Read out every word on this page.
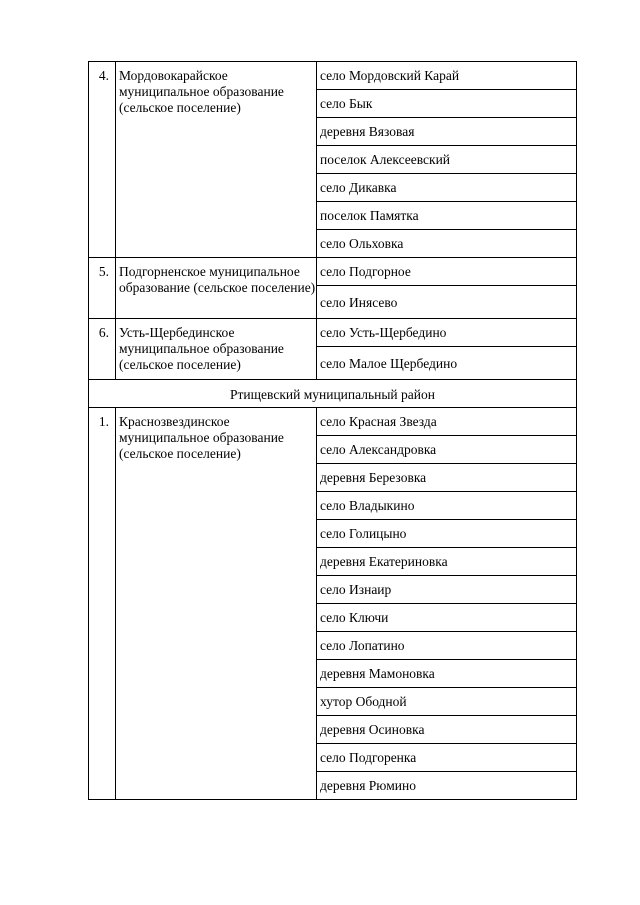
4.	Мордовокарайское муниципальное образование (сельское поселение)	село Мордовский Карай
		село Бык
		деревня Вязовая
		поселок Алексеевский
		село Дикавка
		поселок Памятка
		село Ольховка
5.	Подгорненское муниципальное образование (сельское поселение)	село Подгорное
		село Инясево
6.	Усть-Щербединское муниципальное образование (сельское поселение)	село Усть-Щербедино
		село Малое Щербедино
Ртищевский муниципальный район		
1.	Краснозвездинское муниципальное образование (сельское поселение)	село Красная Звезда
		село Александровка
		деревня Березовка
		село Владыкино
		село Голицыно
		деревня Екатериновка
		село Изнаир
		село Ключи
		село Лопатино
		деревня Мамоновка
		хутор Ободной
		деревня Осиновка
		село Подгоренка
		деревня Рюмино
